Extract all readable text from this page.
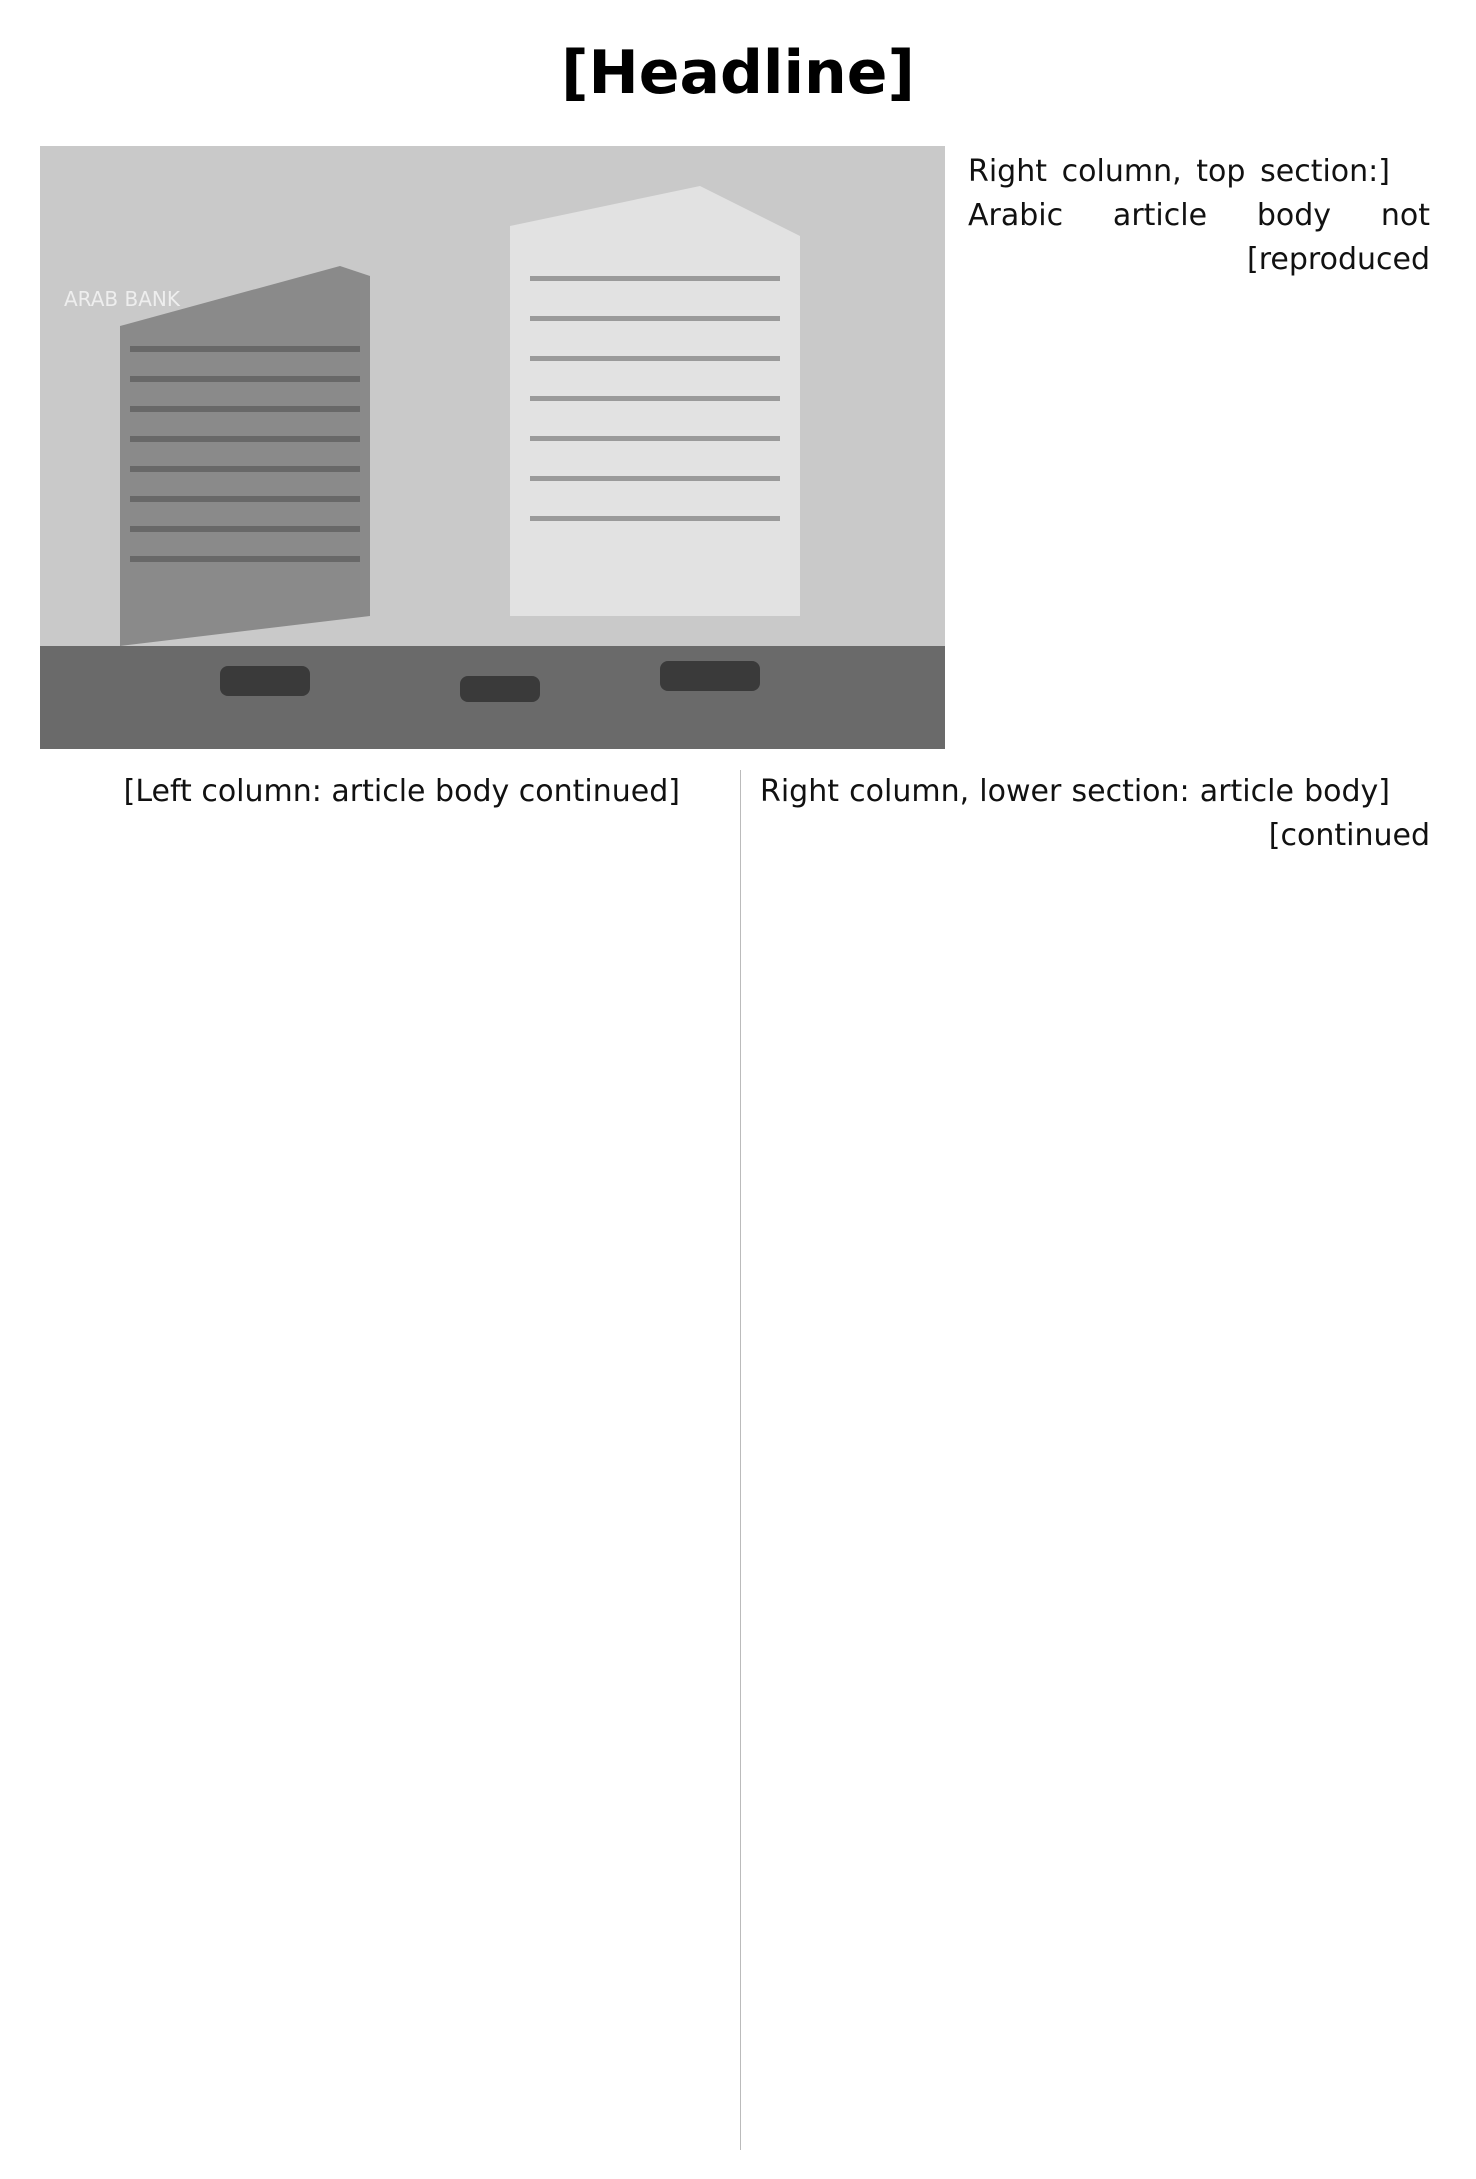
[Headline]
ARAB BANK

[Right column, top section: Arabic article body not reproduced]

[Right column, lower section: article body continued]

[Left column: article body continued]
